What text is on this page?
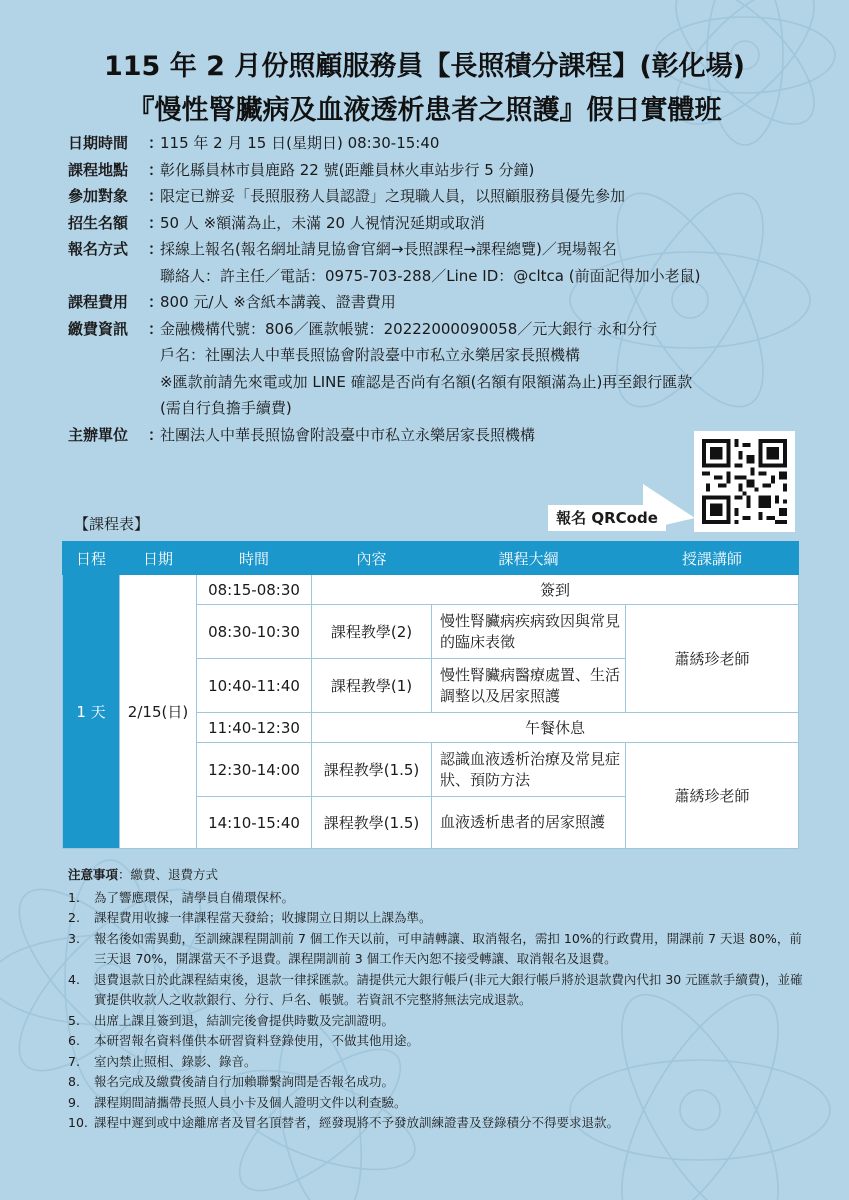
115 年 2 月份照顧服務員【長照積分課程】(彰化場)
『慢性腎臟病及血液透析患者之照護』假日實體班
日期時間	：
115 年 2 月 15 日(星期日) 08:30-15:40
課程地點	：
彰化縣員林市員鹿路 22 號(距離員林火車站步行 5 分鐘)
參加對象	：
限定已辦妥「長照服務人員認證」之現職人員，以照顧服務員優先參加
招生名額	：
50 人 ※額滿為止，未滿 20 人視情況延期或取消
報名方式	：
採線上報名(報名網址請見協會官網→長照課程→課程總覽)／現場報名
聯絡人：許主任／電話：0975-703-288／Line ID：@cltca (前面記得加小老鼠)
課程費用	：
800 元/人 ※含紙本講義、證書費用
繳費資訊	：
金融機構代號：806／匯款帳號：20222000090058／元大銀行 永和分行
戶名：社團法人中華長照協會附設臺中市私立永樂居家長照機構
※匯款前請先來電或加 LINE 確認是否尚有名額(名額有限額滿為止)再至銀行匯款
(需自行負擔手續費)
主辦單位	：
社團法人中華長照協會附設臺中市私立永樂居家長照機構
報名 QRCode
【課程表】
日程	日期	時間	內容	課程大綱	授課講師
1 天	2/15(日)	08:15-08:30	簽到		
		08:30-10:30	課程教學(2)	慢性腎臟病疾病致因與常見的臨床表徵	蕭綉珍老師
		10:40-11:40	課程教學(1)	慢性腎臟病醫療處置、生活調整以及居家照護	
		11:40-12:30	午餐休息		
		12:30-14:00	課程教學(1.5)	認識血液透析治療及常見症狀、預防方法	蕭綉珍老師
		14:10-15:40	課程教學(1.5)	血液透析患者的居家照護	
注意事項：繳費、退費方式
1.	為了響應環保，請學員自備環保杯。
2.	課程費用收據一律課程當天發給；收據開立日期以上課為準。
3.	報名後如需異動，至訓練課程開訓前 7 個工作天以前，可申請轉讓、取消報名，需扣 10%的行政費用，開課前 7 天退 80%，前三天退 70%，開課當天不予退費。課程開訓前 3 個工作天內恕不接受轉讓、取消報名及退費。
4.	退費退款日於此課程結束後，退款一律採匯款。請提供元大銀行帳戶(非元大銀行帳戶將於退款費內代扣 30 元匯款手續費)，並確實提供收款人之收款銀行、分行、戶名、帳號。若資訊不完整將無法完成退款。
5.	出席上課且簽到退，結訓完後會提供時數及完訓證明。
6.	本研習報名資料僅供本研習資料登錄使用，不做其他用途。
7.	室內禁止照相、錄影、錄音。
8.	報名完成及繳費後請自行加賴聯繫詢問是否報名成功。
9.	課程期間請攜帶長照人員小卡及個人證明文件以利查驗。
10. 課程中遲到或中途離席者及冒名頂替者，經發現將不予發放訓練證書及登錄積分不得要求退款。
